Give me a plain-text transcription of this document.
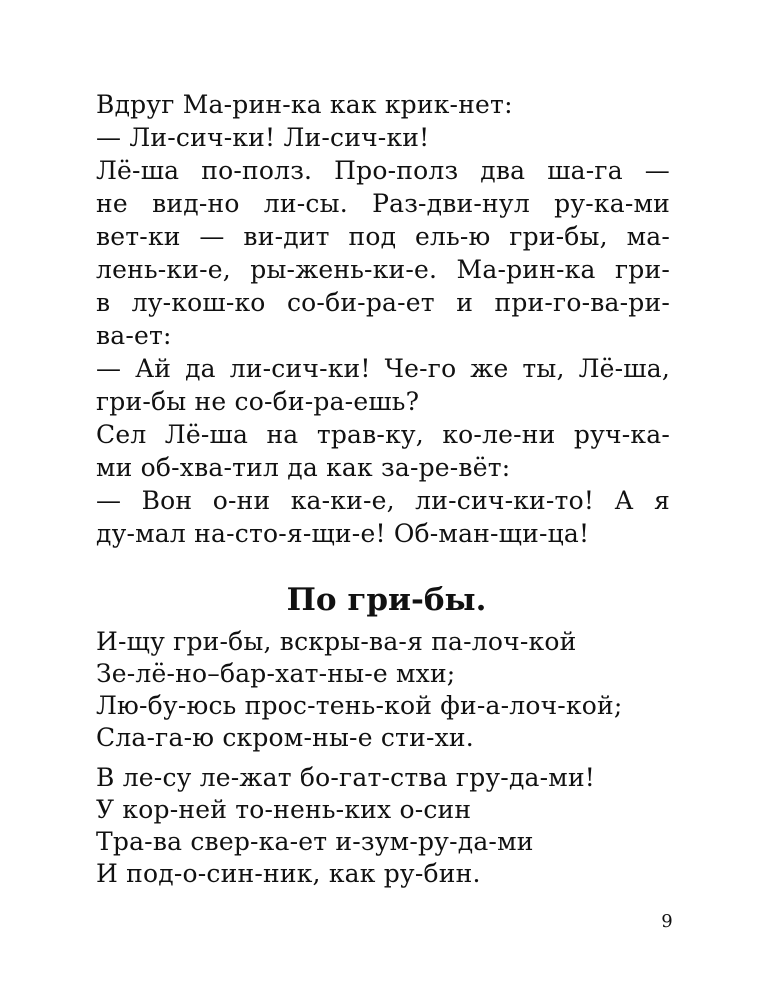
Вдруг Ма-рин-ка как крик-нет:
— Ли-сич-ки! Ли-сич-ки!
Лё-ша по-полз. Про-полз два ша-га —
не вид-но ли-сы. Раз-дви-нул ру-ка-ми
вет-ки — ви-дит под ель-ю гри-бы, ма-
лень-ки-е, ры-жень-ки-е. Ма-рин-ка гри-
в лу-кош-ко со-би-ра-ет и при-го-ва-ри-
ва-ет:
— Ай да ли-сич-ки! Че-го же ты, Лё-ша,
гри-бы не со-би-ра-ешь?
Сел Лё-ша на трав-ку, ко-ле-ни руч-ка-
ми об-хва-тил да как за-ре-вёт:
— Вон о-ни ка-ки-е, ли-сич-ки-то! А я
ду-мал на-сто-я-щи-е! Об-ман-щи-ца!
По гри-бы.
И-щу гри-бы, вскры-ва-я па-лоч-кой
Зе-лё-но–бар-хат-ны-е мхи;
Лю-бу-юсь прос-тень-кой фи-а-лоч-кой;
Сла-га-ю скром-ны-е сти-хи.
В ле-су ле-жат бо-гат-ства гру-да-ми!
У кор-ней то-нень-ких о-син
Тра-ва свер-ка-ет и-зум-ру-да-ми
И под-о-син-ник, как ру-бин.
9
